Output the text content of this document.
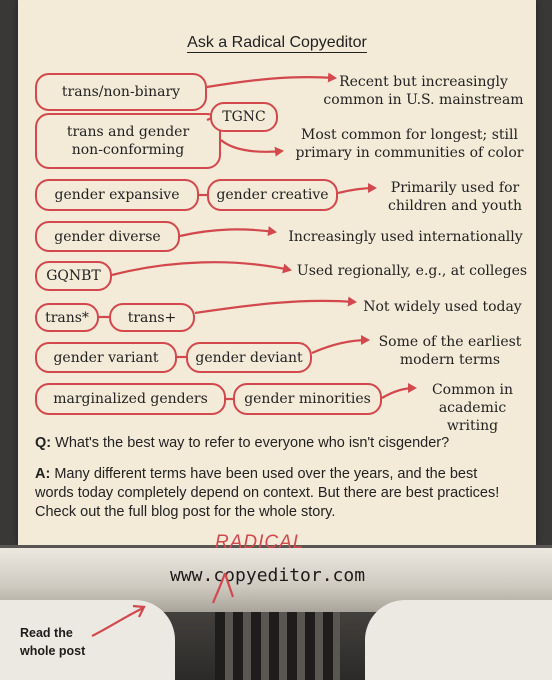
Ask a Radical Copyeditor
trans/non-binary
Recent but increasingly
common in U.S. mainstream
trans and gender non-conforming
TGNC
Most common for longest; still
primary in communities of color
gender expansive	gender creative	Primarily used for
children and youth
gender diverse	Increasingly used internationally
GQNBT	Used regionally, e.g., at colleges
trans*	trans+
Not widely used today
gender variant	gender deviant
Some of the earliest
modern terms
marginalized genders	gender minorities
Common in
academic writing
Q: What's the best way to refer to everyone who isn't cisgender?
A: Many different terms have been used over the years, and the best words today completely depend on context. But there are best practices! Check out the full blog post for the whole story.
www.copyeditor.com
RADICAL
Read the
whole post
